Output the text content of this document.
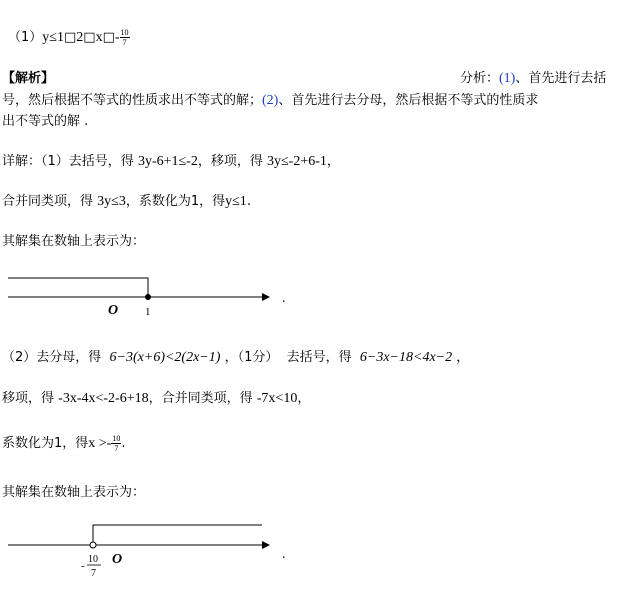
（1）y≤1□2□x□- $\frac{10}{7}$
【解析】	分析：(1)、首先进行去括
号，然后根据不等式的性质求出不等式的解；(2)、首先进行去分母，然后根据不等式的性质求
出不等式的解 .
详解：（1）去括号，得 3y-6+1≤-2，移项，得 3y≤-2+6-1，
合并同类项，得 3y≤3，系数化为1，得y≤1.
其解集在数轴上表示为：
O 1
.
（2）去分母，得 6−3(x+6)<2(2x−1) ，（1分） 去括号，得 6−3x−18<4x−2 ，
移项，得 -3x-4x<-2-6+18，合并同类项，得 -7x<10，
系数化为1，得$x >- \frac{10}{7}$ .
其解集在数轴上表示为：
O
10
7
-
.
